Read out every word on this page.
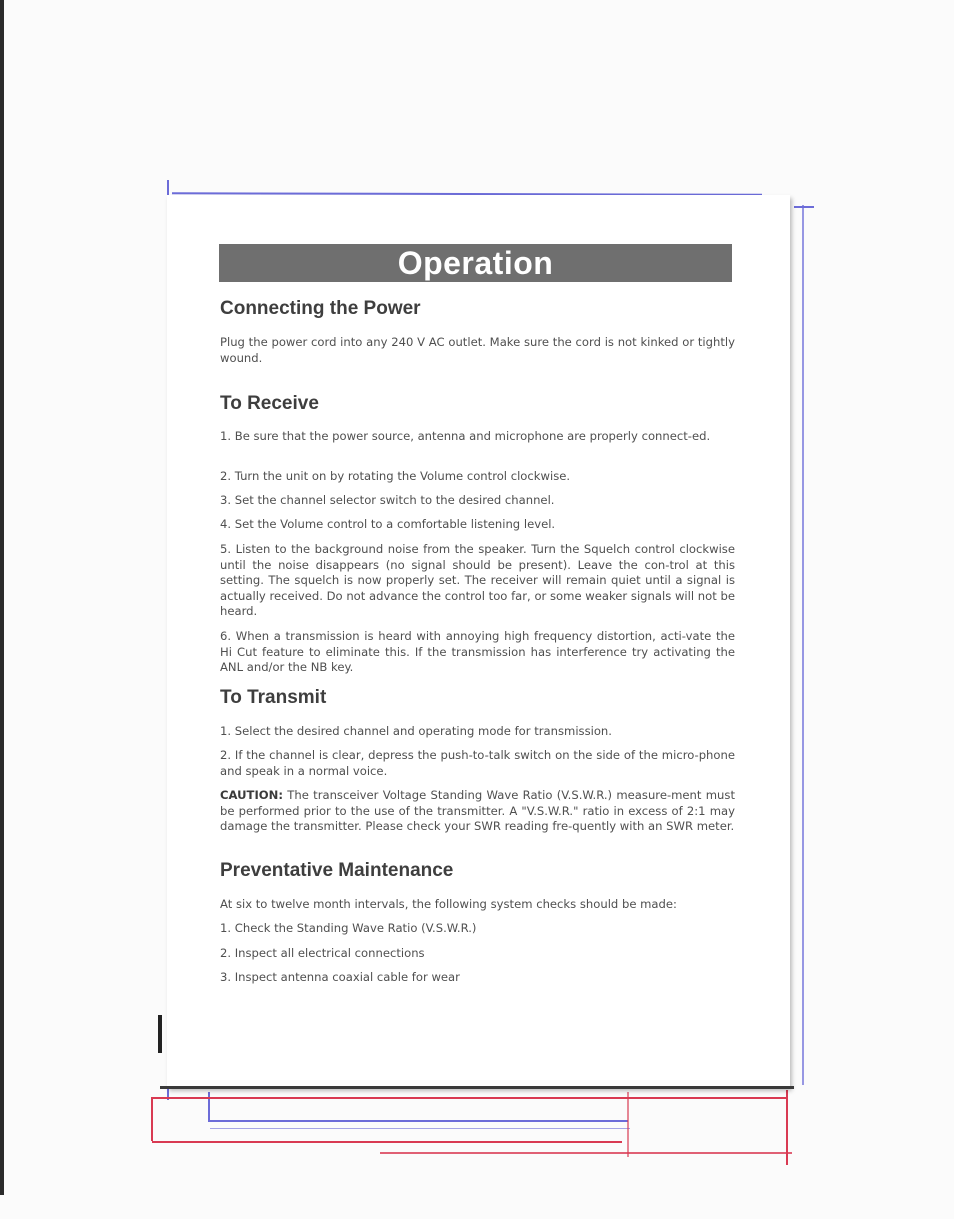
Operation
Connecting the Power

Plug the power cord into any 240 V AC outlet. Make sure the cord is not kinked or tightly wound.

To Receive

1. Be sure that the power source, antenna and microphone are properly connect-ed.

2. Turn the unit on by rotating the Volume control clockwise.

3. Set the channel selector switch to the desired channel.

4. Set the Volume control to a comfortable listening level.

5. Listen to the background noise from the speaker. Turn the Squelch control clockwise until the noise disappears (no signal should be present). Leave the con-trol at this setting. The squelch is now properly set. The receiver will remain quiet until a signal is actually received. Do not advance the control too far, or some weaker signals will not be heard.

6. When a transmission is heard with annoying high frequency distortion, acti-vate the Hi Cut feature to eliminate this. If the transmission has interference try activating the ANL and/or the NB key.

To Transmit

1. Select the desired channel and operating mode for transmission.

2. If the channel is clear, depress the push-to-talk switch on the side of the micro-phone and speak in a normal voice.

CAUTION: The transceiver Voltage Standing Wave Ratio (V.S.W.R.) measure-ment must be performed prior to the use of the transmitter. A "V.S.W.R." ratio in excess of 2:1 may damage the transmitter. Please check your SWR reading fre-quently with an SWR meter.

Preventative Maintenance

At six to twelve month intervals, the following system checks should be made:

1. Check the Standing Wave Ratio (V.S.W.R.)

2. Inspect all electrical connections

3. Inspect antenna coaxial cable for wear
